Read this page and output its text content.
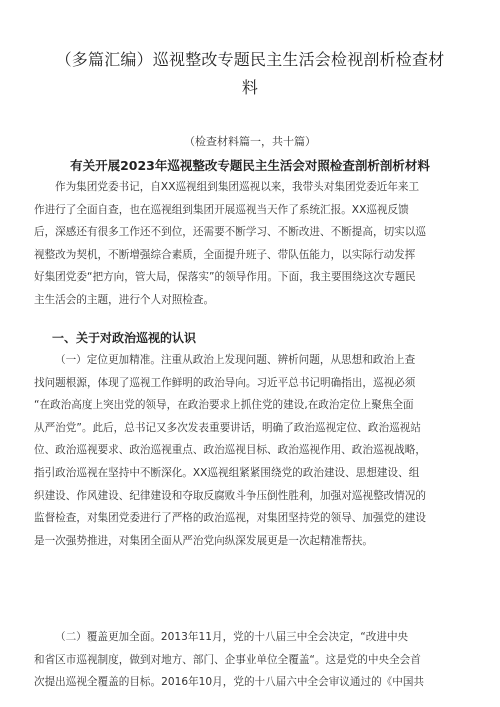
（多篇汇编）巡视整改专题民主生活会检视剖析检查材
料
（检查材料篇一，共十篇）
有关开展2023年巡视整改专题民主生活会对照检查剖析剖析材料
作为集团党委书记，自XX巡视组到集团巡视以来，我带头对集团党委近年来工
作进行了全面自查，也在巡视组到集团开展巡视当天作了系统汇报。XX巡视反馈
后，深感还有很多工作还不到位，还需要不断学习、不断改进、不断提高，切实以巡
视整改为契机，不断增强综合素质，全面提升班子、带队伍能力，以实际行动发挥
好集团党委“把方向，管大局，保落实”的领导作用。下面，我主要围绕这次专题民
主生活会的主题，进行个人对照检查。
一、关于对政治巡视的认识
（一）定位更加精准。注重从政治上发现问题、辨析问题，从思想和政治上查
找问题根源，体现了巡视工作鲜明的政治导向。习近平总书记明确指出，巡视必须
“在政治高度上突出党的领导，在政治要求上抓住党的建设,在政治定位上聚焦全面
从严治党”。此后，总书记又多次发表重要讲话，明确了政治巡视定位、政治巡视站
位、政治巡视要求、政治巡视重点、政治巡视目标、政治巡视作用、政治巡视战略，
指引政治巡视在坚持中不断深化。XX巡视组紧紧围绕党的政治建设、思想建设、组
织建设、作风建设、纪律建设和夺取反腐败斗争压倒性胜利，加强对巡视整改情况的
监督检查，对集团党委进行了严格的政治巡视，对集团坚持党的领导、加强党的建设
是一次强势推进，对集团全面从严治党向纵深发展更是一次起精准帮扶。
（二）覆盖更加全面。2013年11月，党的十八届三中全会决定，“改进中央
和省区市巡视制度，做到对地方、部门、企事业单位全覆盖“。这是党的中央全会首
次提出巡视全覆盖的目标。2016年10月，党的十八届六中全会审议通过的《中国共
